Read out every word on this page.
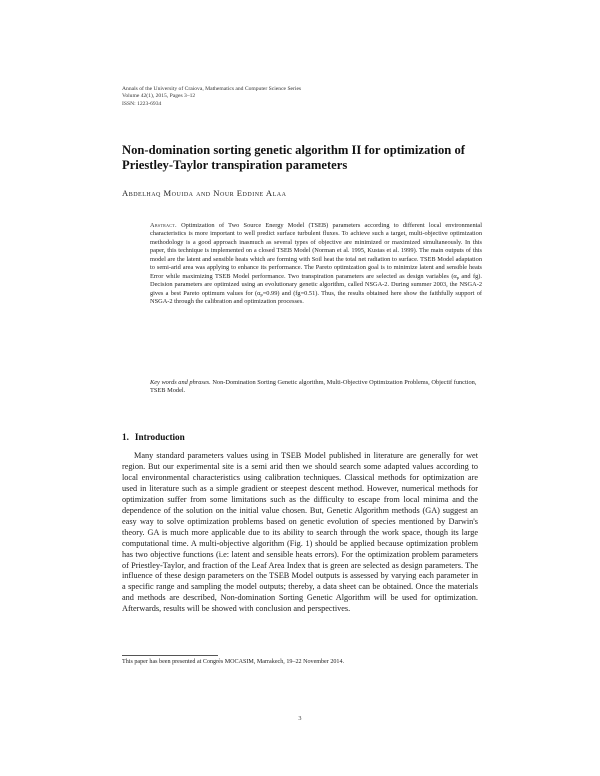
Annals of the University of Craiova, Mathematics and Computer Science Series
Volume 42(1), 2015, Pages 3–12
ISSN: 1223-6934
Non-domination sorting genetic algorithm II for optimization of Priestley-Taylor transpiration parameters
Abdelhaq Mouida and Nour Eddine Alaa
Abstract. Optimization of Two Source Energy Model (TSEB) parameters according to different local environmental characteristics is more important to well predict surface turbulent fluxes. To achieve such a target, multi-objective optimization methodology is a good approach inasmuch as several types of objective are minimized or maximized simultaneously. In this paper, this technique is implemented on a closed TSEB Model (Norman et al. 1995, Kustas et al. 1999). The main outputs of this model are the latent and sensible heats which are forming with Soil heat the total net radiation to surface. TSEB Model adaptation to semi-arid area was applying to enhance its performance. The Pareto optimization goal is to minimize latent and sensible heats Error while maximizing TSEB Model performance. Two transpiration parameters are selected as design variables ($\alpha_p$ and fg). Decision parameters are optimized using an evolutionary genetic algorithm, called NSGA-2. During summer 2003, the NSGA-2 gives a best Pareto optimum values for $(\alpha_p=0.99)$ and (fg=0.51). Thus, the results obtained here show the faithfully support of NSGA-2 through the calibration and optimization processes.
Key words and phrases. Non-Domination Sorting Genetic algorithm, Multi-Objective Optimization Problems, Objectif function, TSEB Model.
1. Introduction
Many standard parameters values using in TSEB Model published in literature are generally for wet region. But our experimental site is a semi arid then we should search some adapted values according to local environmental characteristics using calibration techniques. Classical methods for optimization are used in literature such as a simple gradient or steepest descent method. However, numerical methods for optimization suffer from some limitations such as the difficulty to escape from local minima and the dependence of the solution on the initial value chosen. But, Genetic Algorithm methods (GA) suggest an easy way to solve optimization problems based on genetic evolution of species mentioned by Darwin's theory. GA is much more applicable due to its ability to search through the work space, though its large computational time. A multi-objective algorithm (Fig. 1) should be applied because optimization problem has two objective functions (i.e: latent and sensible heats errors). For the optimization problem parameters of Priestley-Taylor, and fraction of the Leaf Area Index that is green are selected as design parameters. The influence of these design parameters on the TSEB Model outputs is assessed by varying each parameter in a specific range and sampling the model outputs; thereby, a data sheet can be obtained. Once the materials and methods are described, Non-domination Sorting Genetic Algorithm will be used for optimization. Afterwards, results will be showed with conclusion and perspectives.
This paper has been presented at Congrès MOCASIM, Marrakech, 19–22 November 2014.
3
